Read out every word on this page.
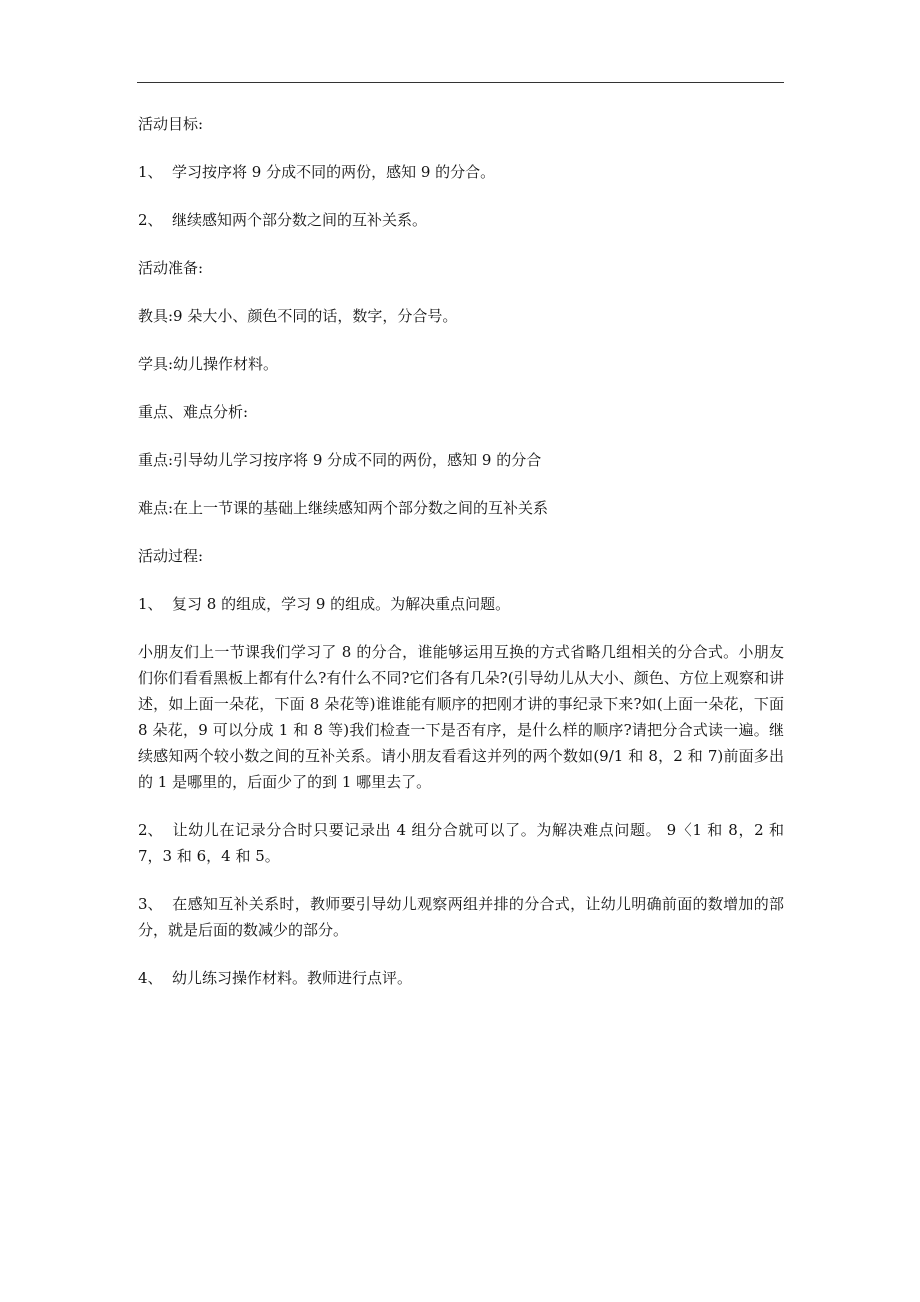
活动目标:

1、 学习按序将 9 分成不同的两份，感知 9 的分合。

2、 继续感知两个部分数之间的互补关系。

活动准备:

教具:9 朵大小、颜色不同的话，数字，分合号。

学具:幼儿操作材料。

重点、难点分析:

重点:引导幼儿学习按序将 9 分成不同的两份，感知 9 的分合

难点:在上一节课的基础上继续感知两个部分数之间的互补关系

活动过程:

1、 复习 8 的组成，学习 9 的组成。为解决重点问题。

小朋友们上一节课我们学习了 8 的分合，谁能够运用互换的方式省略几组相关的分合式。小朋友们你们看看黑板上都有什么?有什么不同?它们各有几朵?(引导幼儿从大小、颜色、方位上观察和讲述，如上面一朵花，下面 8 朵花等)谁谁能有顺序的把刚才讲的事纪录下来?如(上面一朵花，下面 8 朵花，9 可以分成 1 和 8 等)我们检查一下是否有序，是什么样的顺序?请把分合式读一遍。继续感知两个较小数之间的互补关系。请小朋友看看这并列的两个数如(9/1 和 8，2 和 7)前面多出的 1 是哪里的，后面少了的到 1 哪里去了。

2、 让幼儿在记录分合时只要记录出 4 组分合就可以了。为解决难点问题。 9〈1 和 8，2 和 7，3 和 6，4 和 5。

3、 在感知互补关系时，教师要引导幼儿观察两组并排的分合式，让幼儿明确前面的数增加的部分，就是后面的数减少的部分。

4、 幼儿练习操作材料。教师进行点评。
